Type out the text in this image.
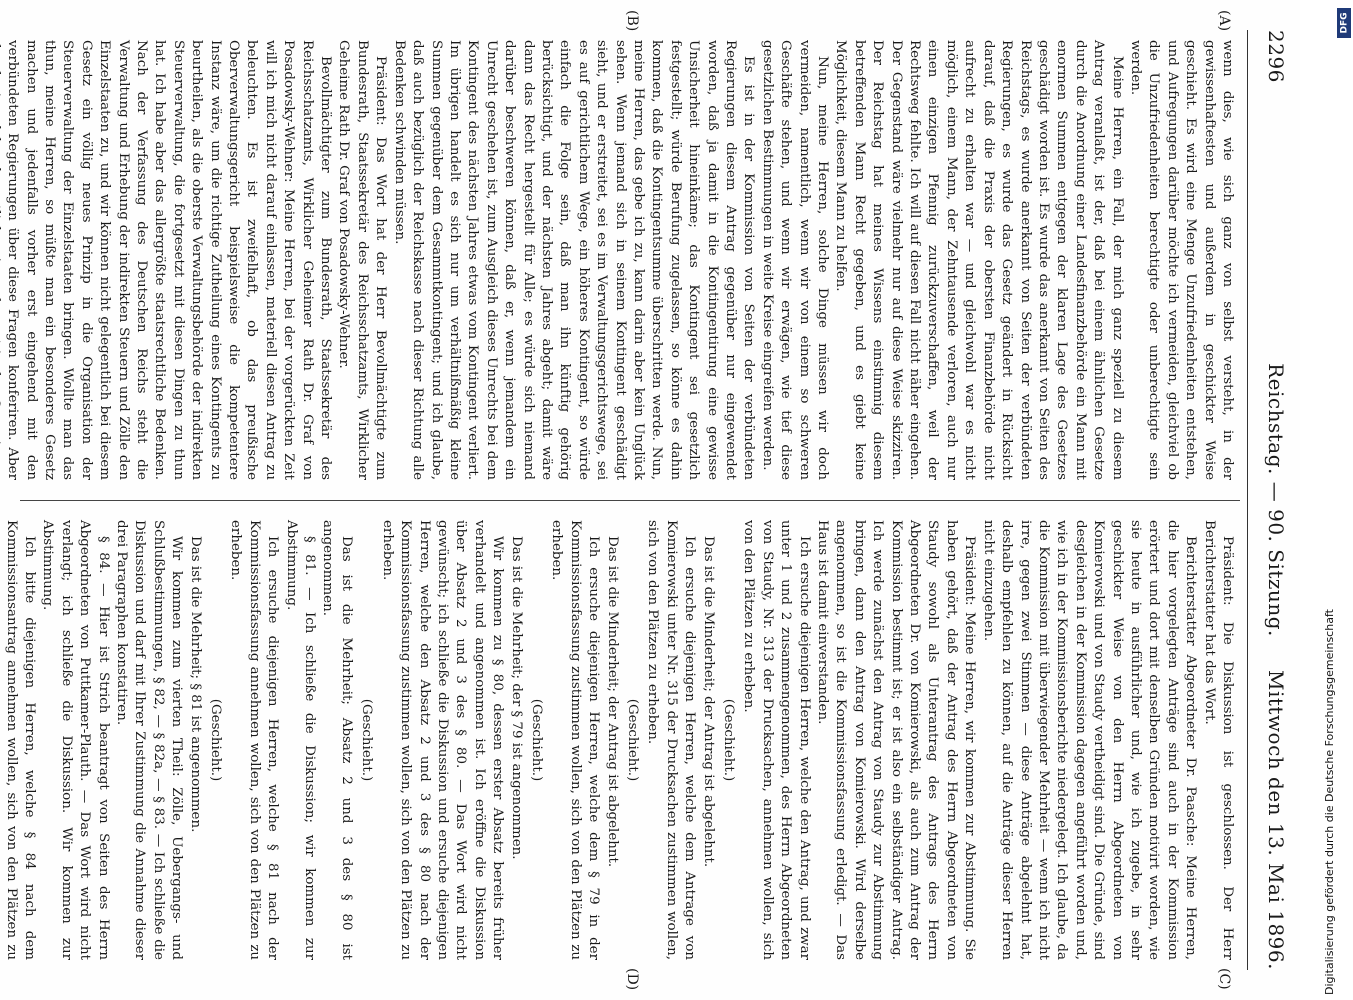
2296
Reichstag. — 90. Sitzung.
Mittwoch den 13. Mai 1896.
(A)
(B)
(C)
(D)

wenn dies, wie sich ganz von selbst versteht, in der gewissenhaftesten und außerdem in geschickter Weise geschieht. Es wird eine Menge Unzufriedenheiten entstehen, und Aufregungen darüber möchte ich vermeiden, gleichviel ob die Unzufriedenheiten berechtigte oder unberechtigte sein werden.

Meine Herren, ein Fall, der mich ganz speziell zu diesem Antrag veranlaßt, ist der, daß bei einem ähnlichen Gesetze durch die Anordnung einer Landesfinanzbehörde ein Mann mit enormen Summen entgegen der klaren Lage des Gesetzes geschädigt worden ist. Es wurde das anerkannt von Seiten des Reichstags, es wurde anerkannt von Seiten der verbündeten Regierungen, es wurde das Gesetz geändert in Rücksicht darauf, daß die Praxis der obersten Finanzbehörde nicht aufrecht zu erhalten war — und gleichwohl war es nicht möglich, einem Mann, der Zehntausende verloren, auch nur einen einzigen Pfennig zurückzuverschaffen, weil der Rechtsweg fehlte. Ich will auf diesen Fall nicht näher eingehen. Der Gegenstand wäre vielmehr nur auf diese Weise skizziren. Der Reichstag hat meines Wissens einstimmig diesem betreffenden Mann Recht gegeben, und es giebt keine Möglichkeit, diesem Mann zu helfen.

Nun, meine Herren, solche Dinge müssen wir doch vermeiden, namentlich, wenn wir von einem so schweren Geschäfte stehen, und wenn wir erwägen, wie tief diese gesetzlichen Bestimmungen in weite Kreise eingreifen werden.

Es ist in der Kommission von Seiten der verbündeten Regierungen diesem Antrag gegenüber nur eingewendet worden, daß ja damit in die Kontingentirung eine gewisse Unsicherheit hineinkäme; das Kontingent sei gesetzlich festgestellt; würde Berufung zugelassen, so könne es dahin kommen, daß die Kontingentsumme überschritten werde. Nun, meine Herren, das gebe ich zu, kann darin aber kein Unglück sehen. Wenn jemand sich in seinem Kontingent geschädigt sieht, und er erstreitet, sei es im Verwaltungsgerichtswege, sei es auf gerichtlichem Wege, ein höheres Kontingent, so würde einfach die Folge sein, daß man ihn künftig gehörig berücksichtigt, und der nächsten Jahres abgeht; damit wäre dann das Recht hergestellt für Alle; es würde sich niemand darüber beschweren können, daß er, wenn jemandem ein Unrecht geschehen ist, zum Ausgleich dieses Unrechts bei dem Kontingent des nächsten Jahres etwas vom Kontingent verliert. Im übrigen handelt es sich nur um verhältnißmäßig kleine Summen gegenüber dem Gesammtkontingent; und ich glaube, daß auch bezüglich der Reichskasse nach dieser Richtung alle Bedenken schwinden müssen.

Präsident: Das Wort hat der Herr Bevollmächtigte zum Bundesrath, Staatssekretär des Reichsschatzamts, Wirklicher Geheime Rath Dr. Graf von Posadowsky-Wehner.

Bevollmächtigter zum Bundesrath, Staatssekretär des Reichsschatzamts, Wirklicher Geheimer Rath Dr. Graf von Posadowsky-Wehner: Meine Herren, bei der vorgerückten Zeit will ich mich nicht darauf einlassen, materiell diesen Antrag zu beleuchten. Es ist zweifelhaft, ob das preußische Oberverwaltungsgericht beispielsweise die kompetentere Instanz wäre, um die richtige Zutheilung eines Kontingents zu beurtheilen, als die oberste Verwaltungsbehörde der indirekten Steuerverwaltung, die fortgesetzt mit diesen Dingen zu thun hat. Ich habe aber das allergrößte staatsrechtliche Bedenken. Nach der Verfassung des Deutschen Reichs steht die Verwaltung und Erhebung der indirekten Steuern und Zölle den Einzelstaaten zu, und wir können nicht gelegentlich bei diesem Gesetz ein völlig neues Prinzip in die Organisation der Steuerverwaltung der Einzelstaaten bringen. Wollte man das thun, meine Herren, so müßte man ein besonderes Gesetz machen und jedenfalls vorher erst eingehend mit den verbündeten Regierungen über diese Fragen konferiren. Aber

Präsident: Die Diskussion ist geschlossen. Der Herr Berichterstatter hat das Wort.

Berichterstatter Abgeordneter Dr. Paasche: Meine Herren, die hier vorgelegten Anträge sind auch in der Kommission erörtert und dort mit denselben Gründen motivirt worden, wie sie heute in ausführlicher und, wie ich zugebe, in sehr geschickter Weise von den Herrn Abgeordneten von Komierowski und von Staudy vertheidigt sind. Die Gründe, sind desgleichen in der Kommission dagegen angeführt worden und, wie ich in der Kommissionsberichte niedergelegt. Ich glaube, da die Kommission mit überwiegender Mehrheit — wenn ich nicht irre, gegen zwei Stimmen — diese Anträge abgelehnt hat, deshalb empfehlen zu können, auf die Anträge dieser Herren nicht einzugehen.

Präsident: Meine Herren, wir kommen zur Abstimmung. Sie haben gehört, daß der Antrag des Herrn Abgeordneten von Staudy sowohl als Unterantrag des Antrags des Herrn Abgeordneten Dr. von Komierowski, als auch zum Antrag der Kommission bestimmt ist; er ist also ein selbständiger Antrag. Ich werde zunächst den Antrag von Staudy zur Abstimmung bringen, dann den Antrag von Komierowski. Wird derselbe angenommen, so ist die Kommissionsfassung erledigt. — Das Haus ist damit einverstanden.

Ich ersuche diejenigen Herren, welche den Antrag, und zwar unter 1 und 2 zusammengenommen, des Herrn Abgeordneten von Staudy, Nr. 313 der Drucksachen, annehmen wollen, sich von den Plätzen zu erheben.

(Geschieht.)

Das ist die Minderheit; der Antrag ist abgelehnt.

Ich ersuche diejenigen Herren, welche dem Antrage von Komierowski unter Nr. 315 der Drucksachen zustimmen wollen, sich von den Plätzen zu erheben.

(Geschieht.)

Das ist die Minderheit; der Antrag ist abgelehnt.

Ich ersuche diejenigen Herren, welche dem § 79 in der Kommissionsfassung zustimmen wollen, sich von den Plätzen zu erheben.

(Geschieht.)

Das ist die Mehrheit; der § 79 ist angenommen.

Wir kommen zu § 80, dessen erster Absatz bereits früher verhandelt und angenommen ist. Ich eröffne die Diskussion über Absatz 2 und 3 des § 80. — Das Wort wird nicht gewünscht; ich schließe die Diskussion und ersuche diejenigen Herren, welche den Absatz 2 und 3 des § 80 nach der Kommissionsfassung zustimmen wollen, sich von den Plätzen zu erheben.

(Geschieht.)

Das ist die Mehrheit; Absatz 2 und 3 des § 80 ist angenommen.

§ 81. — Ich schließe die Diskussion; wir kommen zur Abstimmung.

Ich ersuche diejenigen Herren, welche § 81 nach der Kommissionsfassung annehmen wollen, sich von den Plätzen zu erheben.

(Geschieht.)

Das ist die Mehrheit; § 81 ist angenommen.

Wir kommen zum vierten Theil: Zölle, Uebergangs- und Schlußbestimmungen, § 82, — § 82a, — § 83. — Ich schließe die Diskussion und darf mit Ihrer Zustimmung die Annahme dieser drei Paragraphen konstatiren.

§ 84. — Hier ist Strich beantragt von Seiten des Herrn Abgeordneten von Puttkamer-Plauth. — Das Wort wird nicht verlangt; ich schließe die Diskussion. Wir kommen zur Abstimmung.

Ich bitte diejenigen Herren, welche § 84 nach dem Kommissionsantrag annehmen wollen, sich von den Plätzen zu

DFG
Digitalisierung gefördert durch die Deutsche Forschungsgemeinschaft
